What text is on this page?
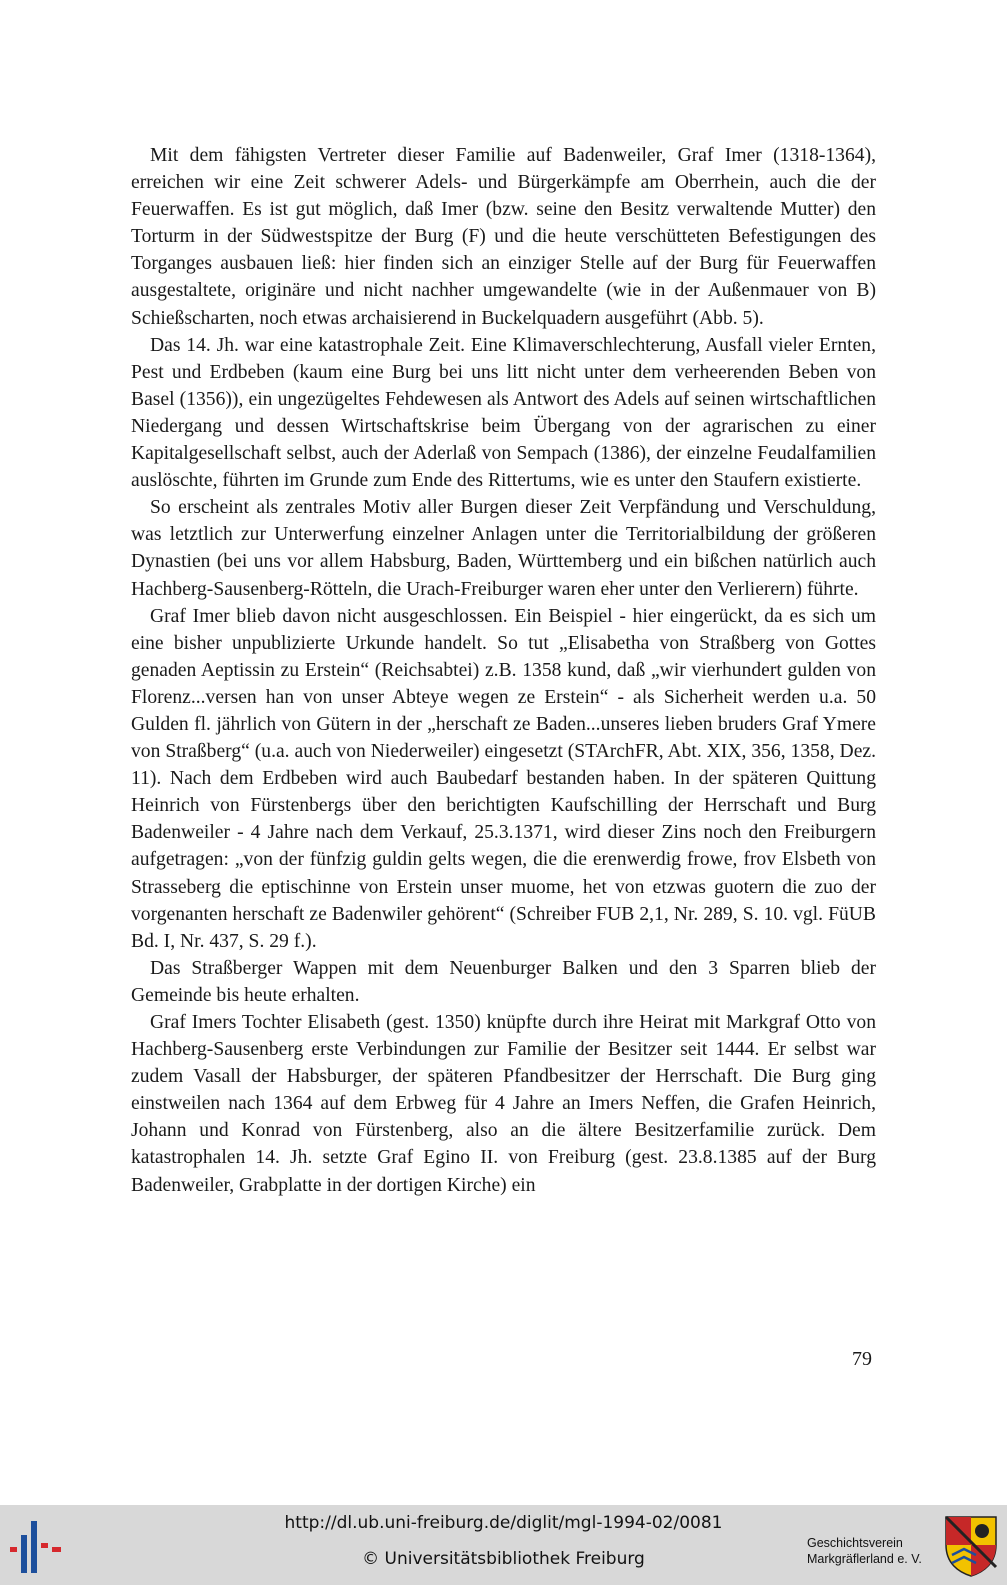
Mit dem fähigsten Vertreter dieser Familie auf Badenweiler, Graf Imer (1318-1364), erreichen wir eine Zeit schwerer Adels- und Bürgerkämpfe am Oberrhein, auch die der Feuerwaffen. Es ist gut möglich, daß Imer (bzw. seine den Besitz verwaltende Mutter) den Torturm in der Südwestspitze der Burg (F) und die heute verschütteten Befestigungen des Torganges ausbauen ließ: hier finden sich an einziger Stelle auf der Burg für Feuerwaffen ausgestaltete, originäre und nicht nachher umgewandelte (wie in der Außenmauer von B) Schießscharten, noch etwas archaisierend in Buckelquadern ausgeführt (Abb. 5).

Das 14. Jh. war eine katastrophale Zeit. Eine Klimaverschlechterung, Ausfall vieler Ernten, Pest und Erdbeben (kaum eine Burg bei uns litt nicht unter dem verheerenden Beben von Basel (1356)), ein ungezügeltes Fehdewesen als Antwort des Adels auf seinen wirtschaftlichen Niedergang und dessen Wirtschaftskrise beim Übergang von der agrarischen zu einer Kapitalgesellschaft selbst, auch der Aderlaß von Sempach (1386), der einzelne Feudalfamilien auslöschte, führten im Grunde zum Ende des Rittertums, wie es unter den Staufern existierte.

So erscheint als zentrales Motiv aller Burgen dieser Zeit Verpfändung und Verschuldung, was letztlich zur Unterwerfung einzelner Anlagen unter die Territorialbildung der größeren Dynastien (bei uns vor allem Habsburg, Baden, Württemberg und ein bißchen natürlich auch Hachberg-Sausenberg-Rötteln, die Urach-Freiburger waren eher unter den Verlierern) führte.

Graf Imer blieb davon nicht ausgeschlossen. Ein Beispiel - hier eingerückt, da es sich um eine bisher unpublizierte Urkunde handelt. So tut „Elisabetha von Straßberg von Gottes genaden Aeptissin zu Erstein“ (Reichsabtei) z.B. 1358 kund, daß „wir vierhundert gulden von Florenz...versen han von unser Abteye wegen ze Erstein“ - als Sicherheit werden u.a. 50 Gulden fl. jährlich von Gütern in der „herschaft ze Baden...unseres lieben bruders Graf Ymere von Straßberg“ (u.a. auch von Niederweiler) eingesetzt (STArchFR, Abt. XIX, 356, 1358, Dez. 11). Nach dem Erdbeben wird auch Baubedarf bestanden haben. In der späteren Quittung Heinrich von Fürstenbergs über den berichtigten Kaufschilling der Herrschaft und Burg Badenweiler - 4 Jahre nach dem Verkauf, 25.3.1371, wird dieser Zins noch den Freiburgern aufgetragen: „von der fünfzig guldin gelts wegen, die die erenwerdig frowe, frov Elsbeth von Strasseberg die eptischinne von Erstein unser muome, het von etzwas guotern die zuo der vorgenanten herschaft ze Badenwiler gehörent“ (Schreiber FUB 2,1, Nr. 289, S. 10. vgl. FüUB Bd. I, Nr. 437, S. 29 f.).

Das Straßberger Wappen mit dem Neuenburger Balken und den 3 Sparren blieb der Gemeinde bis heute erhalten.

Graf Imers Tochter Elisabeth (gest. 1350) knüpfte durch ihre Heirat mit Markgraf Otto von Hachberg-Sausenberg erste Verbindungen zur Familie der Besitzer seit 1444. Er selbst war zudem Vasall der Habsburger, der späteren Pfandbesitzer der Herrschaft. Die Burg ging einstweilen nach 1364 auf dem Erbweg für 4 Jahre an Imers Neffen, die Grafen Heinrich, Johann und Konrad von Fürstenberg, also an die ältere Besitzerfamilie zurück. Dem katastrophalen 14. Jh. setzte Graf Egino II. von Freiburg (gest. 23.8.1385 auf der Burg Badenweiler, Grabplatte in der dortigen Kirche) ein

79
http://dl.ub.uni-freiburg.de/diglit/mgl-1994-02/0081
© Universitätsbibliothek Freiburg
Geschichtsverein
Markgräflerland e. V.
